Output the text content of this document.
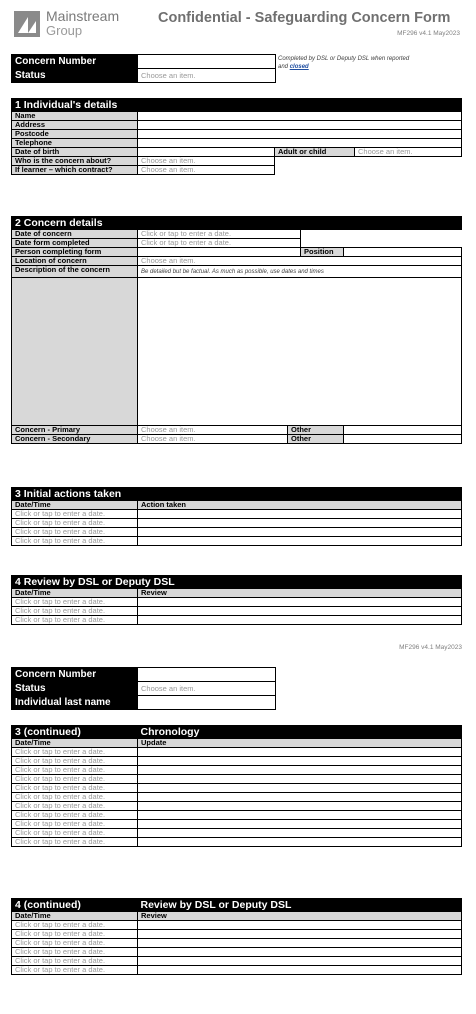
Mainstream
Group
Confidential - Safeguarding Concern Form
MF296 v4.1 May2023
Concern Number	
Status	Choose an item.
Completed by DSL or Deputy DSL when reported
and closed
1 Individual's details			
Name			
Address			
Postcode			
Telephone			
Date of birth		Adult or child	Choose an item.
Who is the concern about?	Choose an item.		
If learner – which contract?	Choose an item.		
2 Concern details				
Date of concern	Click or tap to enter a date.			
Date form completed	Click or tap to enter a date.			
Person completing form			Position	
Location of concern	Choose an item.			
Description of the concern	Be detailed but be factual. As much as possible, use dates and times			

Concern - Primary	Choose an item.	Other		
Concern - Secondary	Choose an item.	Other		
3 Initial actions taken	
Date/Time	Action taken
Click or tap to enter a date.	
Click or tap to enter a date.	
Click or tap to enter a date.	
Click or tap to enter a date.	
4 Review by DSL or Deputy DSL	
Date/Time	Review
Click or tap to enter a date.	
Click or tap to enter a date.	
Click or tap to enter a date.	
MF296 v4.1 May2023
Concern Number	
Status	Choose an item.
Individual last name	
3 (continued)	Chronology
Date/Time	Update
Click or tap to enter a date.	
Click or tap to enter a date.	
Click or tap to enter a date.	
Click or tap to enter a date.	
Click or tap to enter a date.	
Click or tap to enter a date.	
Click or tap to enter a date.	
Click or tap to enter a date.	
Click or tap to enter a date.	
Click or tap to enter a date.	
Click or tap to enter a date.	
4 (continued)	Review by DSL or Deputy DSL
Date/Time	Review
Click or tap to enter a date.	
Click or tap to enter a date.	
Click or tap to enter a date.	
Click or tap to enter a date.	
Click or tap to enter a date.	
Click or tap to enter a date.	
